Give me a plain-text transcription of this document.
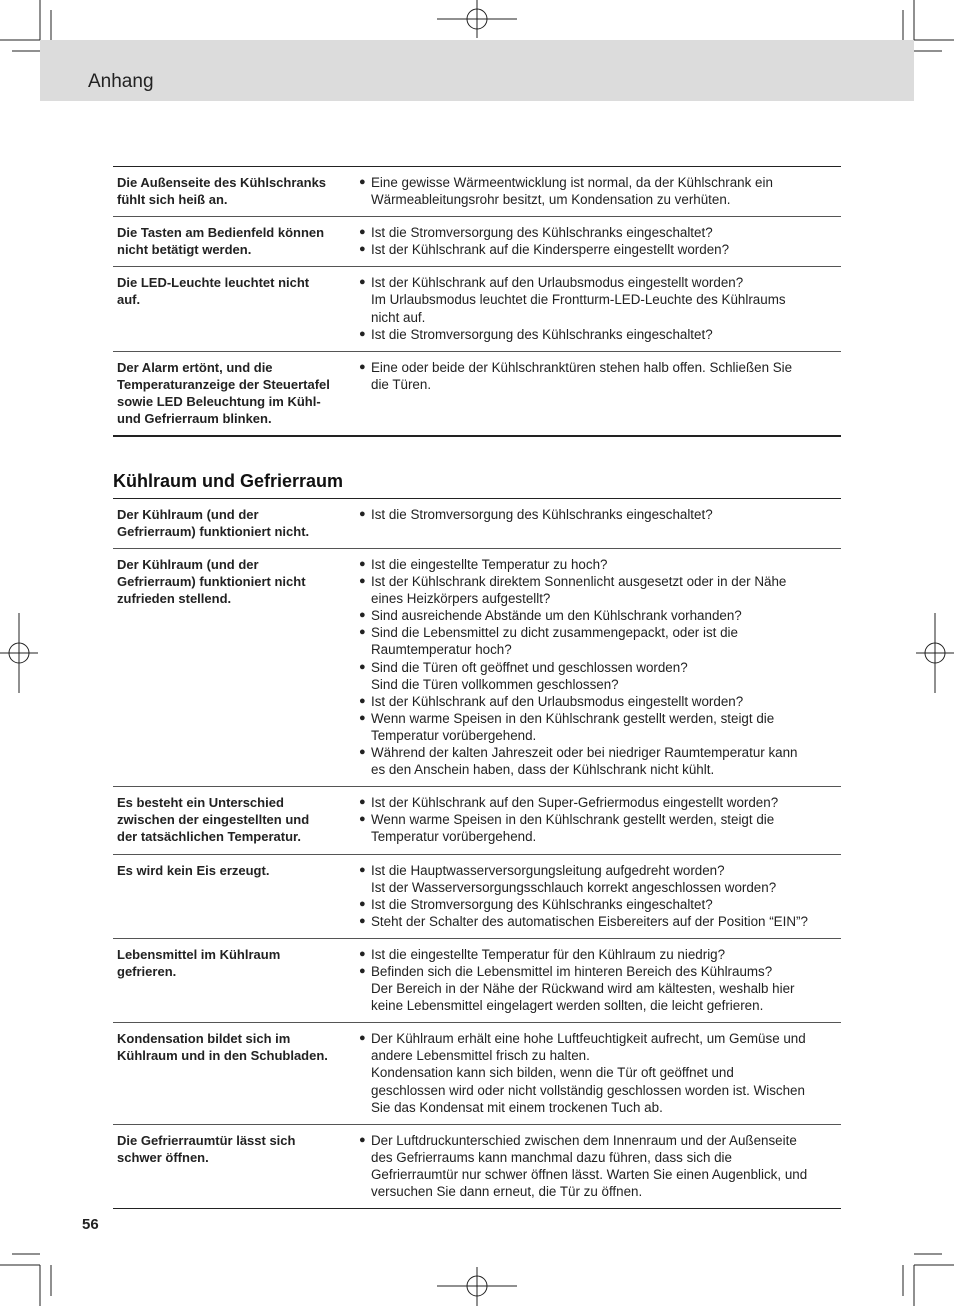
Anhang
Die Außenseite des Kühlschranks
fühlt sich heiß an.
● Eine gewisse Wärmeentwicklung ist normal, da der Kühlschrank ein
Wärmeableitungsrohr besitzt, um Kondensation zu verhüten.
Die Tasten am Bedienfeld können
nicht betätigt werden.
● Ist die Stromversorgung des Kühlschranks eingeschaltet?
● Ist der Kühlschrank auf die Kindersperre eingestellt worden?
Die LED-Leuchte leuchtet nicht
auf.
● Ist der Kühlschrank auf den Urlaubsmodus eingestellt worden?
Im Urlaubsmodus leuchtet die Frontturm-LED-Leuchte des Kühlraums
nicht auf.
● Ist die Stromversorgung des Kühlschranks eingeschaltet?
Der Alarm ertönt, und die
Temperaturanzeige der Steuertafel
sowie LED Beleuchtung im Kühl-
und Gefrierraum blinken.
● Eine oder beide der Kühlschranktüren stehen halb offen. Schließen Sie
die Türen.
Kühlraum und Gefrierraum
Der Kühlraum (und der
Gefrierraum) funktioniert nicht.
● Ist die Stromversorgung des Kühlschranks eingeschaltet?
Der Kühlraum (und der
Gefrierraum) funktioniert nicht
zufrieden stellend.
● Ist die eingestellte Temperatur zu hoch?
● Ist der Kühlschrank direktem Sonnenlicht ausgesetzt oder in der Nähe
eines Heizkörpers aufgestellt?
● Sind ausreichende Abstände um den Kühlschrank vorhanden?
● Sind die Lebensmittel zu dicht zusammengepackt, oder ist die
Raumtemperatur hoch?
● Sind die Türen oft geöffnet und geschlossen worden?
Sind die Türen vollkommen geschlossen?
● Ist der Kühlschrank auf den Urlaubsmodus eingestellt worden?
● Wenn warme Speisen in den Kühlschrank gestellt werden, steigt die
Temperatur vorübergehend.
● Während der kalten Jahreszeit oder bei niedriger Raumtemperatur kann
es den Anschein haben, dass der Kühlschrank nicht kühlt.
Es besteht ein Unterschied
zwischen der eingestellten und
der tatsächlichen Temperatur.
● Ist der Kühlschrank auf den Super-Gefriermodus eingestellt worden?
● Wenn warme Speisen in den Kühlschrank gestellt werden, steigt die
Temperatur vorübergehend.
Es wird kein Eis erzeugt.	● Ist die Hauptwasserversorgungsleitung aufgedreht worden?
Ist der Wasserversorgungsschlauch korrekt angeschlossen worden?
● Ist die Stromversorgung des Kühlschranks eingeschaltet?
● Steht der Schalter des automatischen Eisbereiters auf der Position “EIN”?
Lebensmittel im Kühlraum
gefrieren.
● Ist die eingestellte Temperatur für den Kühlraum zu niedrig?
● Befinden sich die Lebensmittel im hinteren Bereich des Kühlraums?
Der Bereich in der Nähe der Rückwand wird am kältesten, weshalb hier
keine Lebensmittel eingelagert werden sollten, die leicht gefrieren.
Kondensation bildet sich im
Kühlraum und in den Schubladen.
● Der Kühlraum erhält eine hohe Luftfeuchtigkeit aufrecht, um Gemüse und
andere Lebensmittel frisch zu halten.
Kondensation kann sich bilden, wenn die Tür oft geöffnet und
geschlossen wird oder nicht vollständig geschlossen worden ist. Wischen
Sie das Kondensat mit einem trockenen Tuch ab.
Die Gefrierraumtür lässt sich
schwer öffnen.
● Der Luftdruckunterschied zwischen dem Innenraum und der Außenseite
des Gefrierraums kann manchmal dazu führen, dass sich die
Gefrierraumtür nur schwer öffnen lässt. Warten Sie einen Augenblick, und
versuchen Sie dann erneut, die Tür zu öffnen.
56
